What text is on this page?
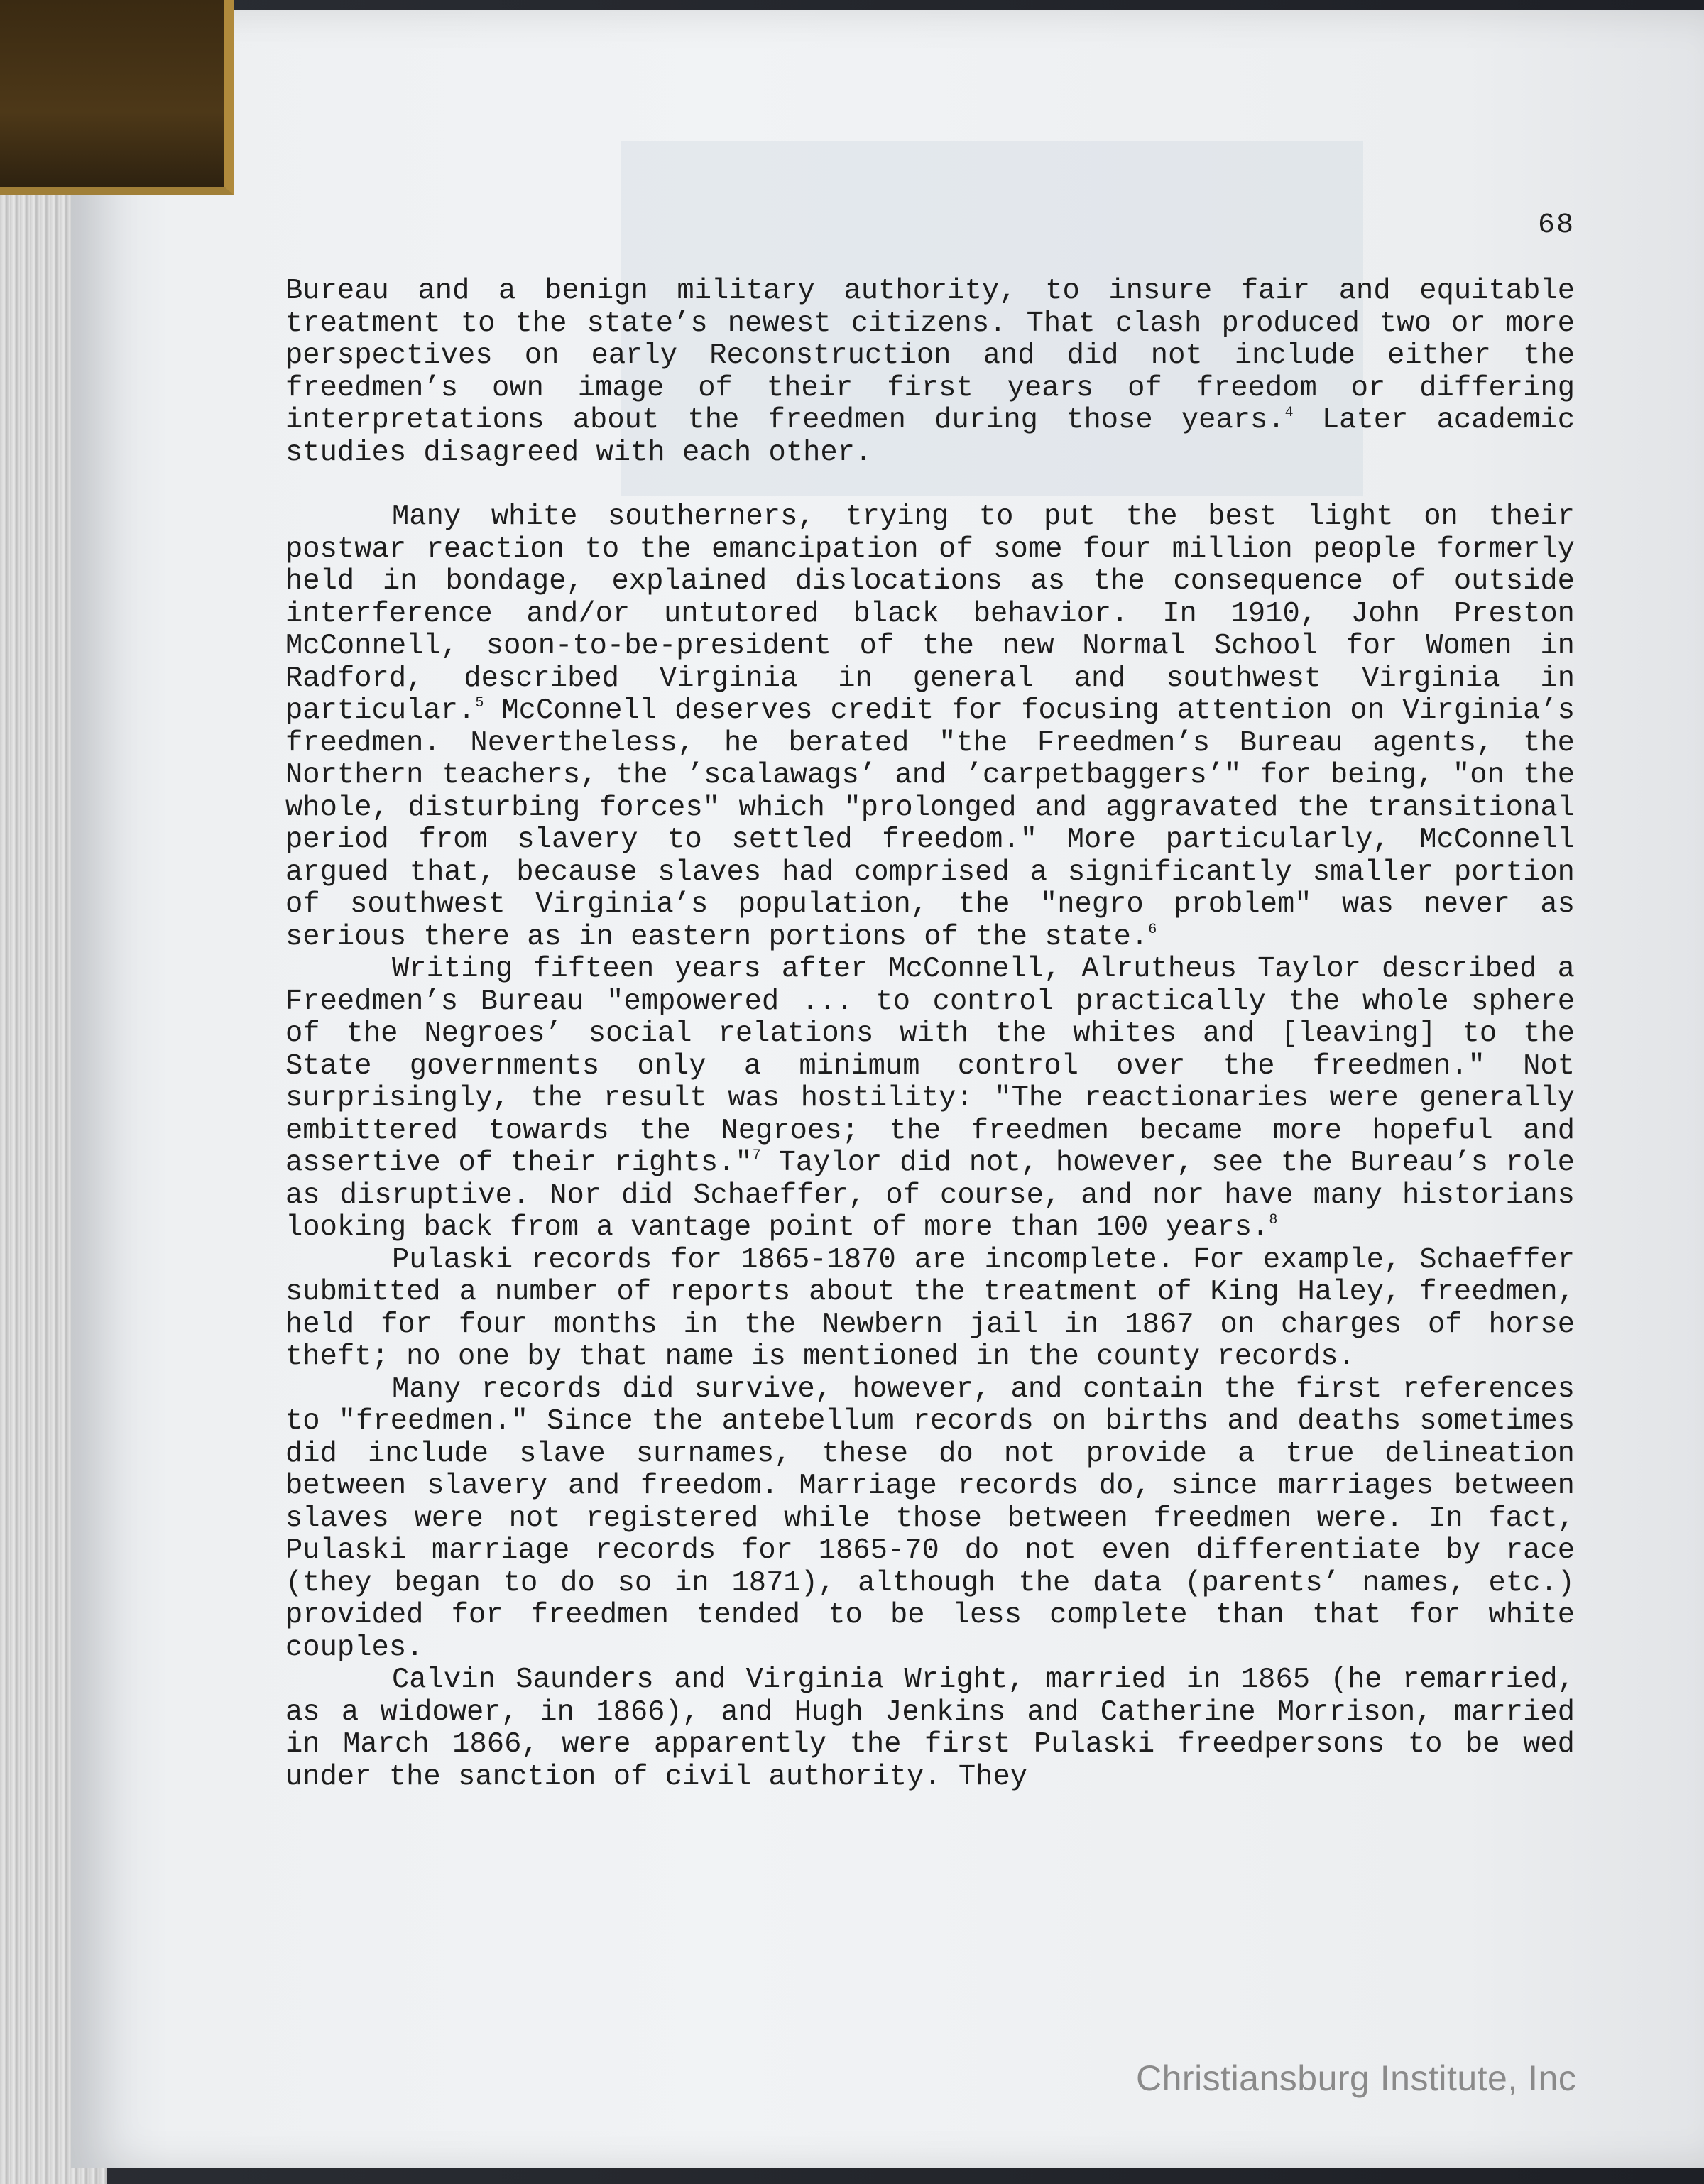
68

Bureau and a benign military authority, to insure fair and equitable treatment to the state’s newest citizens. That clash produced two or more perspectives on early Reconstruction and did not include either the freedmen’s own image of their first years of freedom or differing interpretations about the freedmen during those years.$^4$ Later academic studies disagreed with each other.

Many white southerners, trying to put the best light on their postwar reaction to the emancipation of some four million people formerly held in bondage, explained dislocations as the consequence of outside interference and/or untutored black behavior. In 1910, John Preston McConnell, soon-to-be-president of the new Normal School for Women in Radford, described Virginia in general and southwest Virginia in particular.$^5$ McConnell deserves credit for focusing attention on Virginia’s freedmen. Nevertheless, he berated "the Freedmen’s Bureau agents, the Northern teachers, the ’scalawags’ and ’carpetbaggers’" for being, "on the whole, disturbing forces" which "prolonged and aggravated the transitional period from slavery to settled freedom." More particularly, McConnell argued that, because slaves had comprised a significantly smaller portion of southwest Virginia’s population, the "negro problem" was never as serious there as in eastern portions of the state.$^6$

Writing fifteen years after McConnell, Alrutheus Taylor described a Freedmen’s Bureau "empowered ... to control practically the whole sphere of the Negroes’ social relations with the whites and [leaving] to the State governments only a minimum control over the freedmen." Not surprisingly, the result was hostility: "The reactionaries were generally embittered towards the Negroes; the freedmen became more hopeful and assertive of their rights."$^7$ Taylor did not, however, see the Bureau’s role as disruptive. Nor did Schaeffer, of course, and nor have many historians looking back from a vantage point of more than 100 years.$^8$

Pulaski records for 1865-1870 are incomplete. For example, Schaeffer submitted a number of reports about the treatment of King Haley, freedmen, held for four months in the Newbern jail in 1867 on charges of horse theft; no one by that name is mentioned in the county records.

Many records did survive, however, and contain the first references to "freedmen." Since the antebellum records on births and deaths sometimes did include slave surnames, these do not provide a true delineation between slavery and freedom. Marriage records do, since marriages between slaves were not registered while those between freedmen were. In fact, Pulaski marriage records for 1865-70 do not even differentiate by race (they began to do so in 1871), although the data (parents’ names, etc.) provided for freedmen tended to be less complete than that for white couples.

Calvin Saunders and Virginia Wright, married in 1865 (he remarried, as a widower, in 1866), and Hugh Jenkins and Catherine Morrison, married in March 1866, were apparently the first Pulaski freedpersons to be wed under the sanction of civil authority. They

Christiansburg Institute, Inc
